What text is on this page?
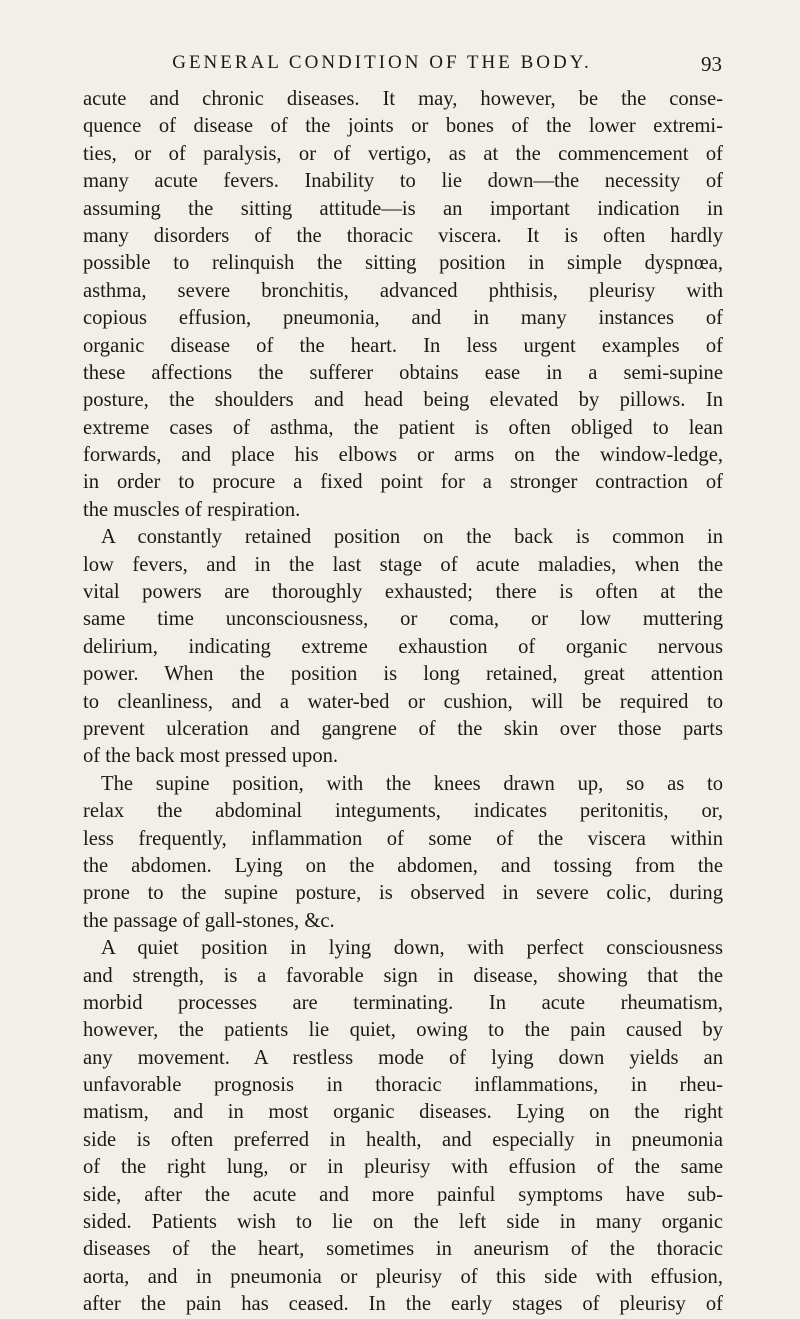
GENERAL CONDITION OF THE BODY.	93
acute and chronic diseases. It may, however, be the conse-
quence of disease of the joints or bones of the lower extremi-
ties, or of paralysis, or of vertigo, as at the commencement of
many acute fevers. Inability to lie down—the necessity of
assuming the sitting attitude—is an important indication in
many disorders of the thoracic viscera. It is often hardly
possible to relinquish the sitting position in simple dyspnœa,
asthma, severe bronchitis, advanced phthisis, pleurisy with
copious effusion, pneumonia, and in many instances of
organic disease of the heart. In less urgent examples of
these affections the sufferer obtains ease in a semi-supine
posture, the shoulders and head being elevated by pillows. In
extreme cases of asthma, the patient is often obliged to lean
forwards, and place his elbows or arms on the window-ledge,
in order to procure a fixed point for a stronger contraction of
the muscles of respiration.
A constantly retained position on the back is common in
low fevers, and in the last stage of acute maladies, when the
vital powers are thoroughly exhausted; there is often at the
same time unconsciousness, or coma, or low muttering
delirium, indicating extreme exhaustion of organic nervous
power. When the position is long retained, great attention
to cleanliness, and a water-bed or cushion, will be required to
prevent ulceration and gangrene of the skin over those parts
of the back most pressed upon.
The supine position, with the knees drawn up, so as to
relax the abdominal integuments, indicates peritonitis, or,
less frequently, inflammation of some of the viscera within
the abdomen. Lying on the abdomen, and tossing from the
prone to the supine posture, is observed in severe colic, during
the passage of gall-stones, &c.
A quiet position in lying down, with perfect consciousness
and strength, is a favorable sign in disease, showing that the
morbid processes are terminating. In acute rheumatism,
however, the patients lie quiet, owing to the pain caused by
any movement. A restless mode of lying down yields an
unfavorable prognosis in thoracic inflammations, in rheu-
matism, and in most organic diseases. Lying on the right
side is often preferred in health, and especially in pneumonia
of the right lung, or in pleurisy with effusion of the same
side, after the acute and more painful symptoms have sub-
sided. Patients wish to lie on the left side in many organic
diseases of the heart, sometimes in aneurism of the thoracic
aorta, and in pneumonia or pleurisy of this side with effusion,
after the pain has ceased. In the early stages of pleurisy of
